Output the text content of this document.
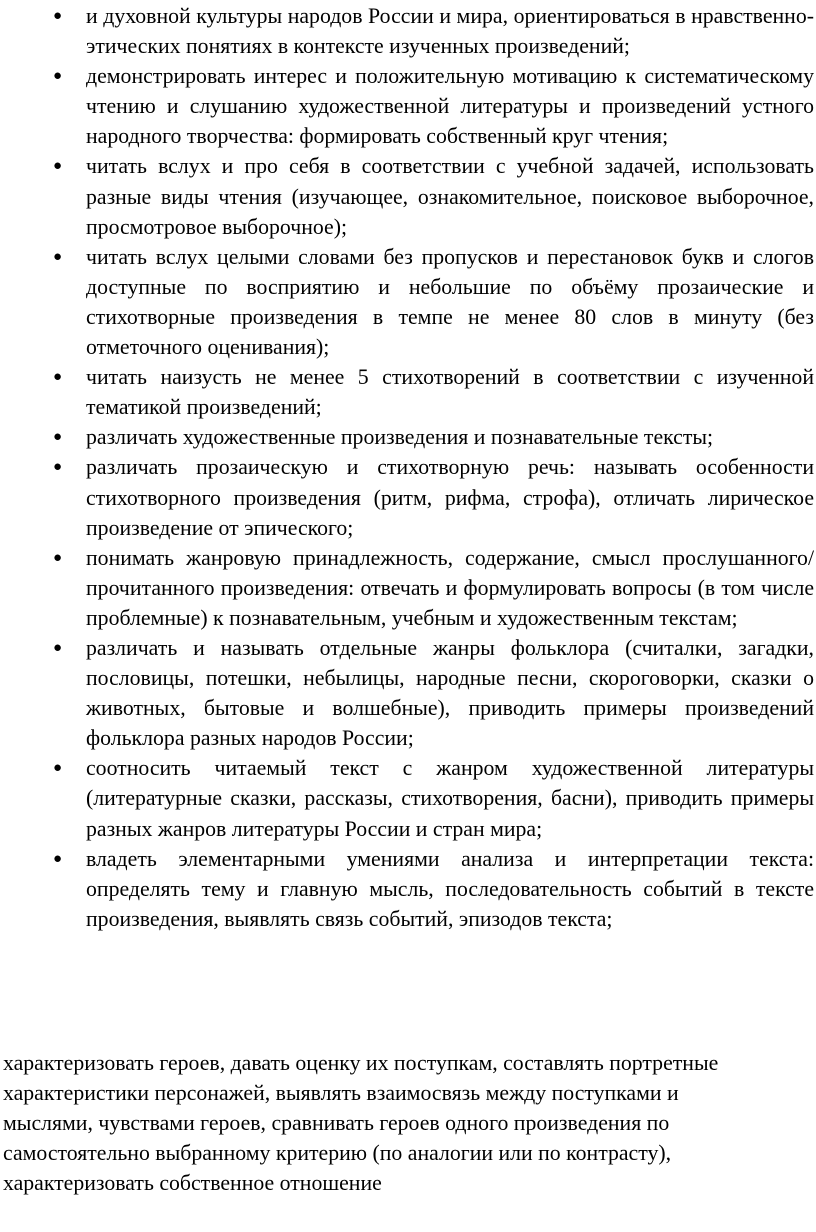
● и духовной культуры народов России и мира, ориентироваться в нравственно-этических понятиях в контексте изученных произведений;
● демонстрировать интерес и положительную мотивацию к систематическому чтению и слушанию художественной литературы и произведений устного народного творчества: формировать собственный круг чтения;
● читать вслух и про себя в соответствии с учебной задачей, использовать разные виды чтения (изучающее, ознакомительное, поисковое выборочное, просмотровое выборочное);
● читать вслух целыми словами без пропусков и перестановок букв и слогов доступные по восприятию и небольшие по объёму прозаические и стихотворные произведения в темпе не менее 80 слов в минуту (без отметочного оценивания);
● читать наизусть не менее 5 стихотворений в соответствии с изученной тематикой произведений;
● различать художественные произведения и познавательные тексты;
● различать прозаическую и стихотворную речь: называть особенности стихотворного произведения (ритм, рифма, строфа), отличать лирическое произведение от эпического;
● понимать жанровую принадлежность, содержание, смысл прослушанного/прочитанного произведения: отвечать и формулировать вопросы (в том числе проблемные) к познавательным, учебным и художественным текстам;
● различать и называть отдельные жанры фольклора (считалки, загадки, пословицы, потешки, небылицы, народные песни, скороговорки, сказки о животных, бытовые и волшебные), приводить примеры произведений фольклора разных народов России;
● соотносить читаемый текст с жанром художественной литературы (литературные сказки, рассказы, стихотворения, басни), приводить примеры разных жанров литературы России и стран мира;
● владеть элементарными умениями анализа и интерпретации текста: определять тему и главную мысль, последовательность событий в тексте произведения, выявлять связь событий, эпизодов текста;

характеризовать героев, давать оценку их поступкам, составлять портретные

характеристики персонажей, выявлять взаимосвязь между поступками и

мыслями, чувствами героев, сравнивать героев одного произведения по

самостоятельно выбранному критерию (по аналогии или по контрасту),

характеризовать собственное отношение
